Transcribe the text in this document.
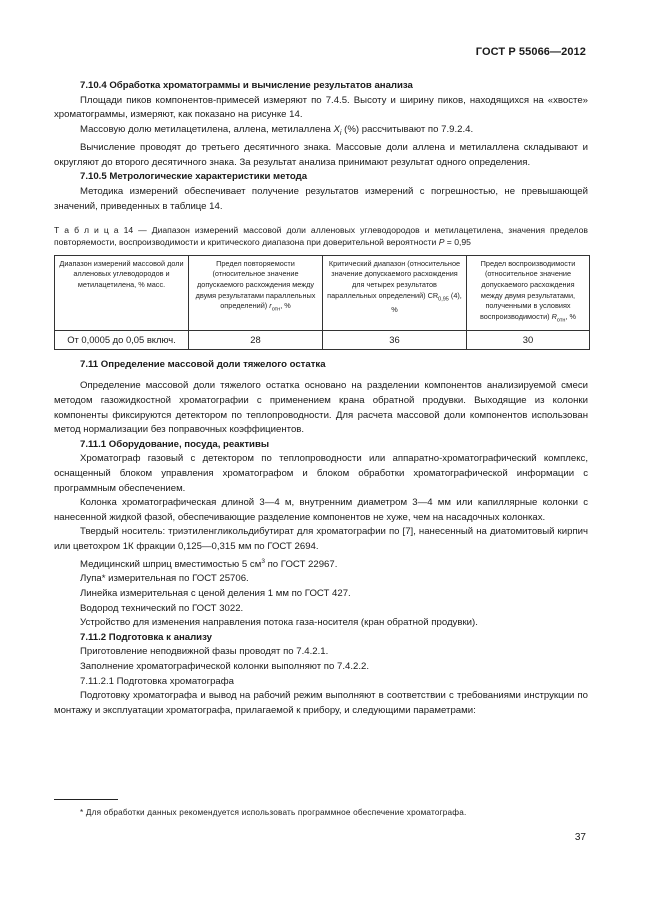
ГОСТ Р 55066—2012

7.10.4 Обработка хроматограммы и вычисление результатов анализа

Площади пиков компонентов-примесей измеряют по 7.4.5. Высоту и ширину пиков, находящихся на «хвосте» хроматограммы, измеряют, как показано на рисунке 14.

Массовую долю метилацетилена, аллена, метилаллена $X_i$ (%) рассчитывают по 7.9.2.4.

Вычисление проводят до третьего десятичного знака. Массовые доли аллена и метилаллена складывают и округляют до второго десятичного знака. За результат анализа принимают результат одного определения.

7.10.5 Метрологические характеристики метода

Методика измерений обеспечивает получение результатов измерений с погрешностью, не превышающей значений, приведенных в таблице 14.

Т а б л и ц а 14 — Диапазон измерений массовой доли алленовых углеводородов и метилацетилена, значения пределов повторяемости, воспроизводимости и критического диапазона при доверительной вероятности P = 0,95
Диапазон измерений массовой доли алленовых углеводородов и метилацетилена, % масс.	Предел повторяемости (относительное значение допускаемого расхождения между двумя результатами параллельных определений) $r_{отн}$, %	Критический диапазон (относительное значение допускаемого расхождения для четырех результатов параллельных определений) $CR_{0,95}$ (4), %	Предел воспроизводимости (относительное значение допускаемого расхождения между двумя результатами, полученными в условиях воспроизводимости) $R_{отн}$, %
От 0,0005 до 0,05 включ.	28	36	30

7.11 Определение массовой доли тяжелого остатка

Определение массовой доли тяжелого остатка основано на разделении компонентов анализируемой смеси методом газожидкостной хроматографии с применением крана обратной продувки. Выходящие из колонки компоненты фиксируются детектором по теплопроводности. Для расчета массовой доли компонентов использован метод нормализации без поправочных коэффициентов.

7.11.1 Оборудование, посуда, реактивы

Хроматограф газовый с детектором по теплопроводности или аппаратно-хроматографический комплекс, оснащенный блоком управления хроматографом и блоком обработки хроматографической информации с программным обеспечением.

Колонка хроматографическая длиной 3—4 м, внутренним диаметром 3—4 мм или капиллярные колонки с нанесенной жидкой фазой, обеспечивающие разделение компонентов не хуже, чем на насадочных колонках.

Твердый носитель: триэтиленгликольдибутират для хроматографии по [7], нанесенный на диатомитовый кирпич или цветохром 1К фракции 0,125—0,315 мм по ГОСТ 2694.

Медицинский шприц вместимостью 5 $см^3$ по ГОСТ 22967.

Лупа* измерительная по ГОСТ 25706.

Линейка измерительная с ценой деления 1 мм по ГОСТ 427.

Водород технический по ГОСТ 3022.

Устройство для изменения направления потока газа-носителя (кран обратной продувки).

7.11.2 Подготовка к анализу

Приготовление неподвижной фазы проводят по 7.4.2.1.

Заполнение хроматографической колонки выполняют по 7.4.2.2.

7.11.2.1 Подготовка хроматографа

Подготовку хроматографа и вывод на рабочий режим выполняют в соответствии с требованиями инструкции по монтажу и эксплуатации хроматографа, прилагаемой к прибору, и следующими параметрами:

* Для обработки данных рекомендуется использовать программное обеспечение хроматографа.
37
